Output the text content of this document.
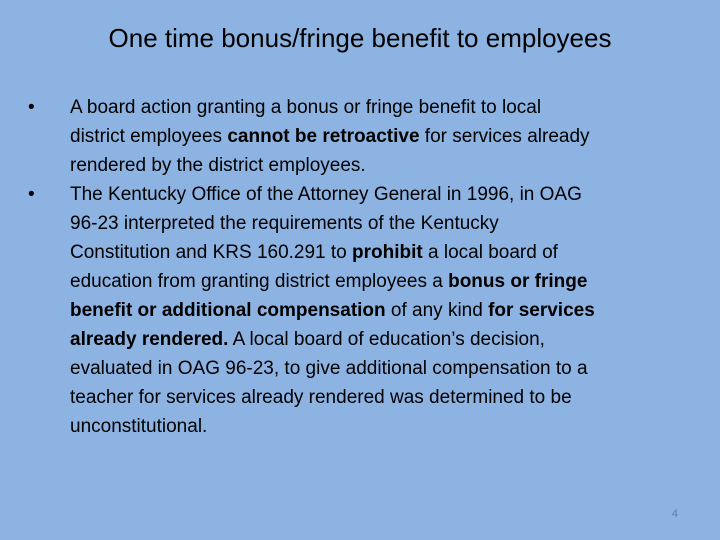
One time bonus/fringe benefit to employees
• A board action granting a bonus or fringe benefit to local
district employees cannot be retroactive for services already
rendered by the district employees.
• The Kentucky Office of the Attorney General in 1996, in OAG
96-23 interpreted the requirements of the Kentucky
Constitution and KRS 160.291 to prohibit a local board of
education from granting district employees a bonus or fringe
benefit or additional compensation of any kind for services
already rendered. A local board of education’s decision,
evaluated in OAG 96-23, to give additional compensation to a
teacher for services already rendered was determined to be
unconstitutional.
4
